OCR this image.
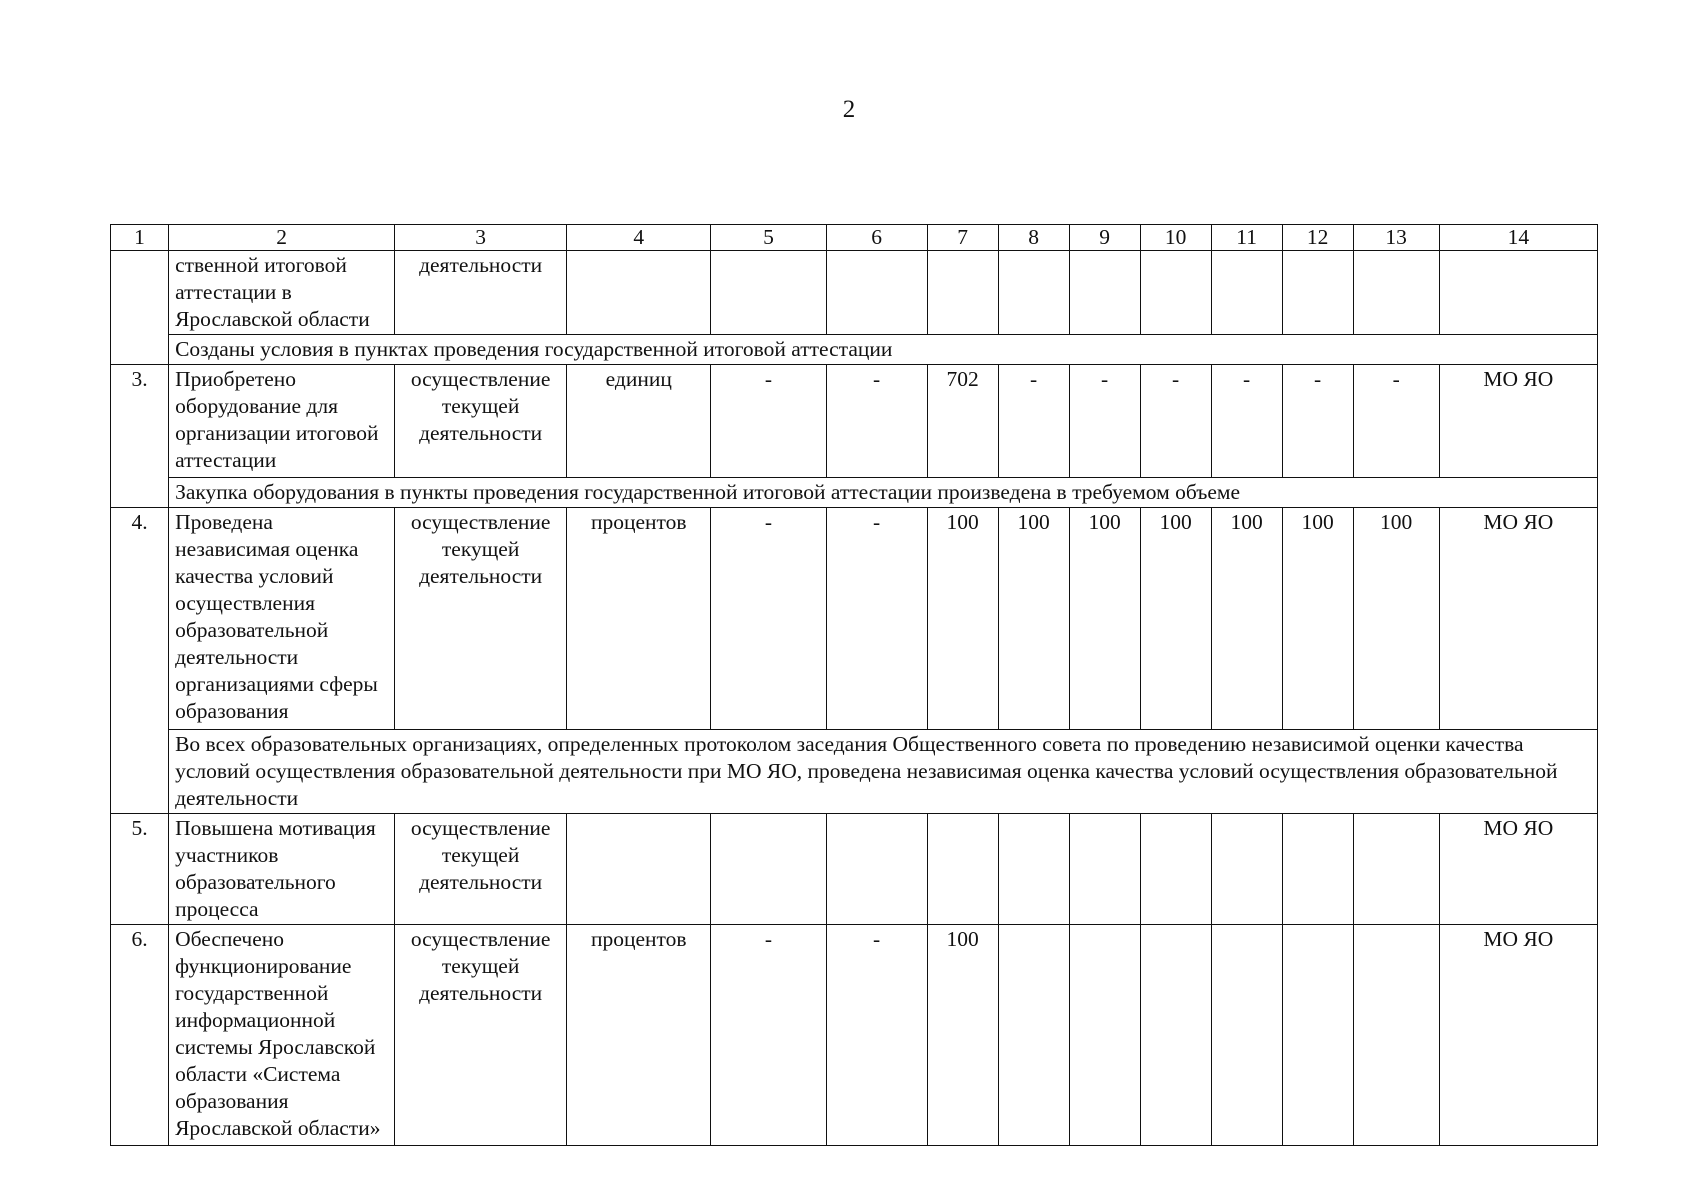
2
1	2	3	4	5	6	7	8	9	10	11	12	13	14
	ственной итоговой аттестации в Ярославской области	деятельности											
	Созданы условия в пунктах проведения государственной итоговой аттестации												
3.	Приобретено оборудование для организации итоговой аттестации	осуществление текущей деятельности	единиц	-	-	702	-	-	-	-	-	-	МО ЯО
	Закупка оборудования в пункты проведения государственной итоговой аттестации произведена в требуемом объеме												
4.	Проведена независимая оценка качества условий осуществления образовательной деятельности организациями сферы образования	осуществление текущей деятельности	процентов	-	-	100	100	100	100	100	100	100	МО ЯО
	Во всех образовательных организациях, определенных протоколом заседания Общественного совета по проведению независимой оценки качества условий осуществления образовательной деятельности при МО ЯО, проведена независимая оценка качества условий осуществления образовательной деятельности												
5.	Повышена мотивация участников образовательного процесса	осуществление текущей деятельности											МО ЯО
6.	Обеспечено функционирование государственной информационной системы Ярославской области «Система образования Ярославской области»	осуществление текущей деятельности	процентов	-	-	100							МО ЯО
